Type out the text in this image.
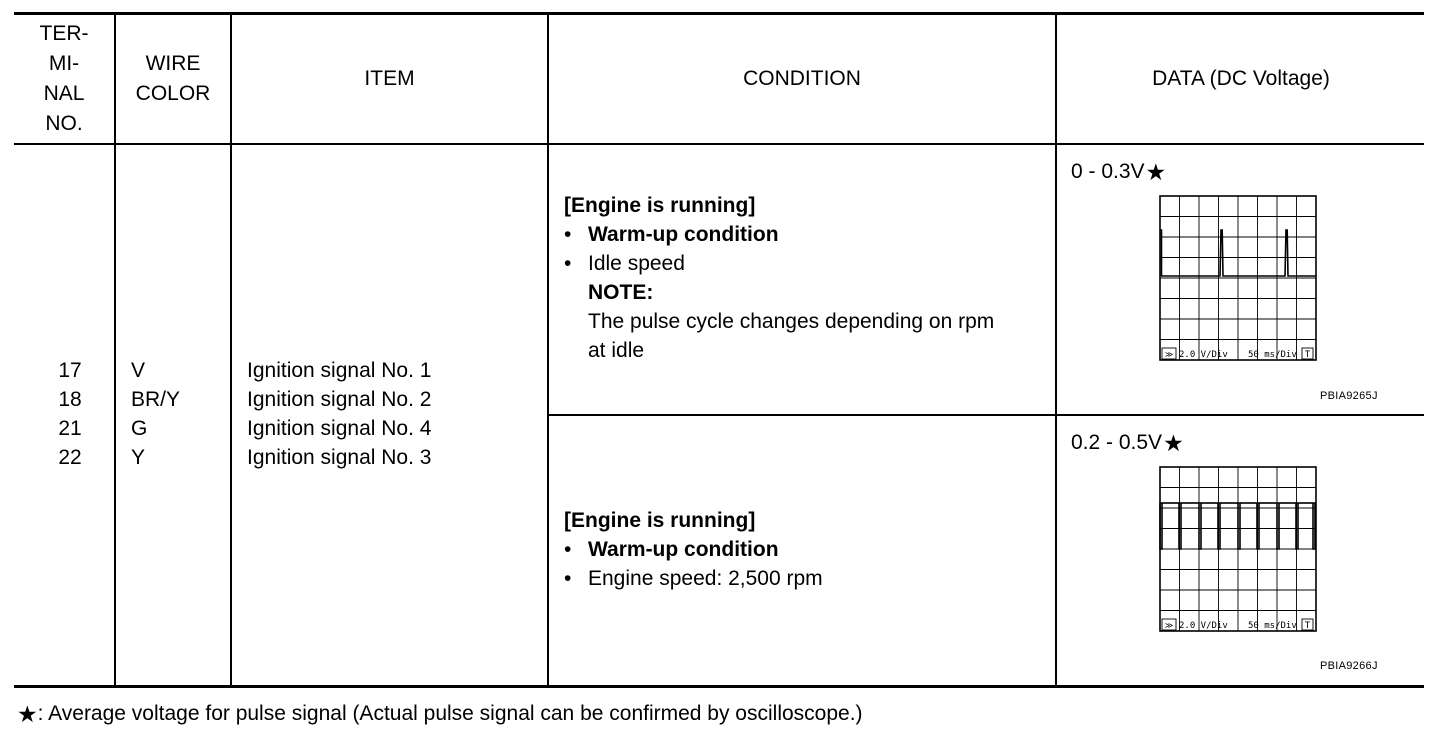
TER-
MI-
NAL
NO.
WIRE
COLOR
ITEM	CONDITION	DATA (DC Voltage)
17
18
21
22
V
BR/Y
G
Y
Ignition signal No. 1
Ignition signal No. 2
Ignition signal No. 4
Ignition signal No. 3
[Engine is running]
• Warm-up condition
• Idle speed
NOTE:
The pulse cycle changes depending on rpm
at idle
[Engine is running]
• Warm-up condition
• Engine speed: 2,500 rpm
0 - 0.3V ★
≫ 2.0 V/Div 50 ms/Div T
PBIA9265J
0.2 - 0.5V ★
≫ 2.0 V/Div 50 ms/Div T
PBIA9266J
★ : Average voltage for pulse signal (Actual pulse signal can be confirmed by oscilloscope.)
